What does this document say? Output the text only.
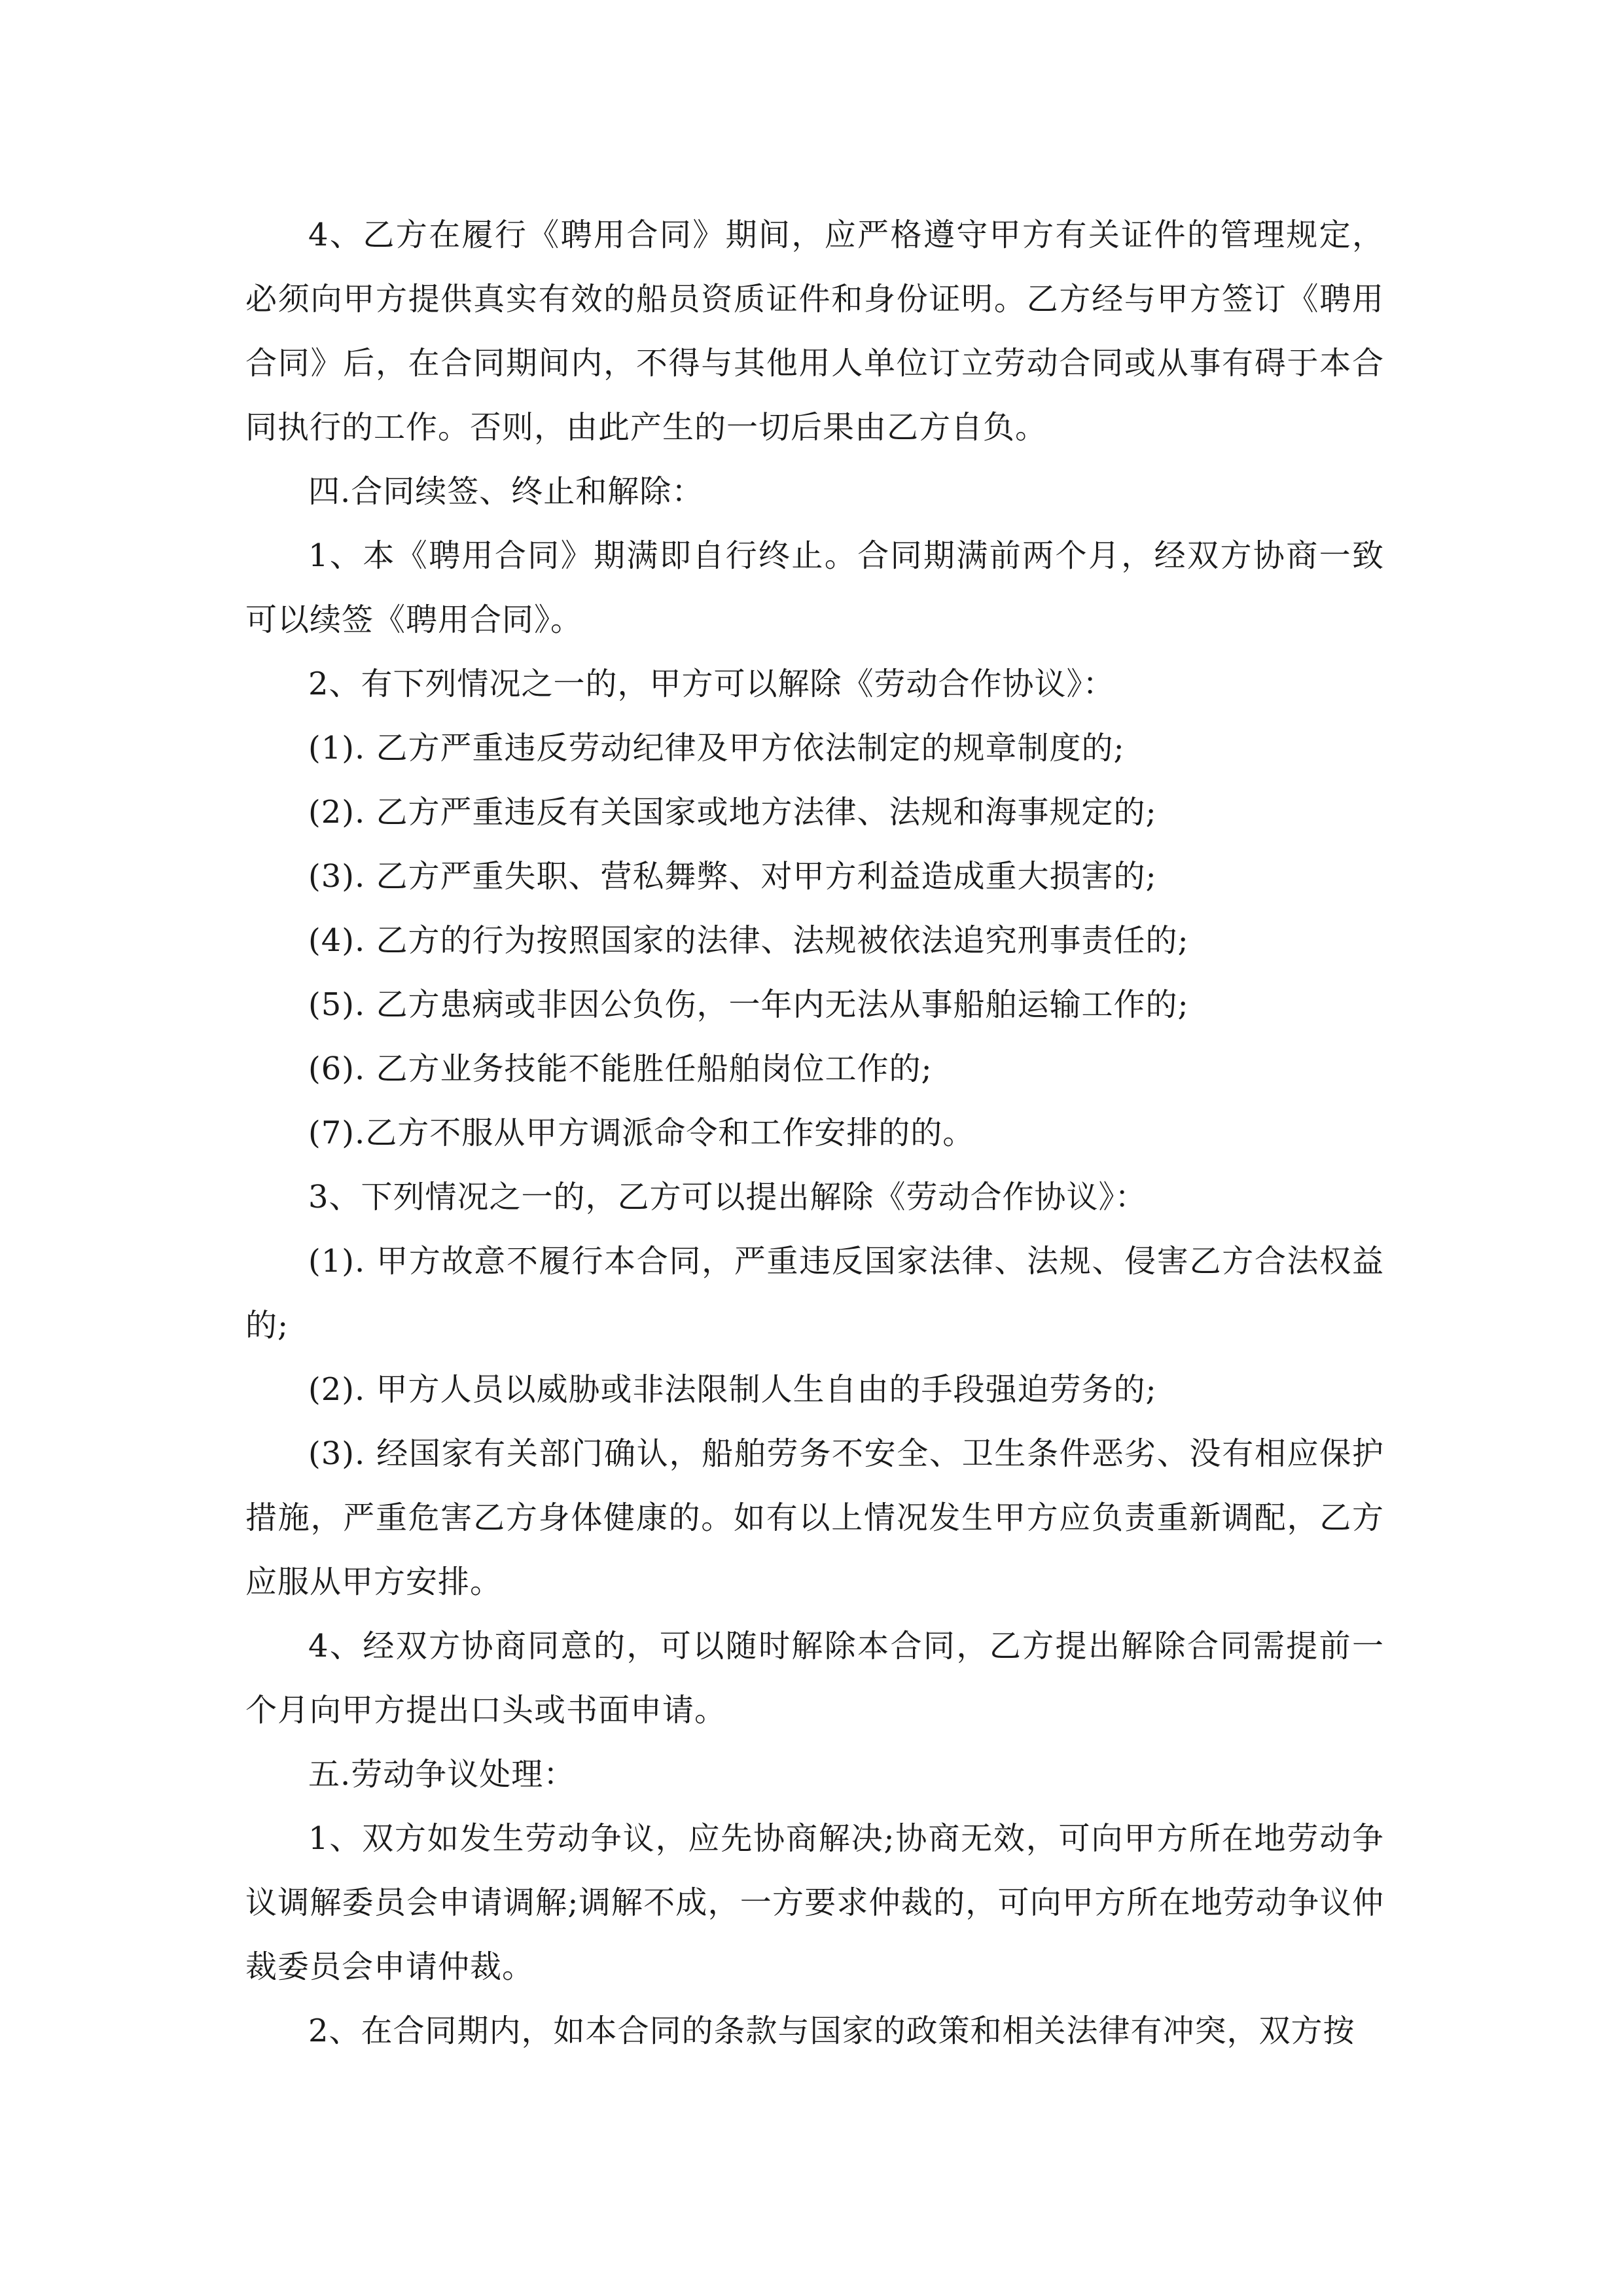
4、乙方在履行《聘用合同》期间，应严格遵守甲方有关证件的管理规定，必须向甲方提供真实有效的船员资质证件和身份证明。乙方经与甲方签订《聘用合同》后，在合同期间内，不得与其他用人单位订立劳动合同或从事有碍于本合同执行的工作。否则，由此产生的一切后果由乙方自负。

四.合同续签、终止和解除：

1、本《聘用合同》期满即自行终止。合同期满前两个月，经双方协商一致可以续签《聘用合同》。

2、有下列情况之一的，甲方可以解除《劳动合作协议》：

(1). 乙方严重违反劳动纪律及甲方依法制定的规章制度的;

(2). 乙方严重违反有关国家或地方法律、法规和海事规定的;

(3). 乙方严重失职、营私舞弊、对甲方利益造成重大损害的;

(4). 乙方的行为按照国家的法律、法规被依法追究刑事责任的;

(5). 乙方患病或非因公负伤，一年内无法从事船舶运输工作的;

(6). 乙方业务技能不能胜任船舶岗位工作的;

(7).乙方不服从甲方调派命令和工作安排的的。

3、下列情况之一的，乙方可以提出解除《劳动合作协议》：

(1). 甲方故意不履行本合同，严重违反国家法律、法规、侵害乙方合法权益的;

(2). 甲方人员以威胁或非法限制人生自由的手段强迫劳务的;

(3). 经国家有关部门确认，船舶劳务不安全、卫生条件恶劣、没有相应保护措施，严重危害乙方身体健康的。如有以上情况发生甲方应负责重新调配，乙方应服从甲方安排。

4、经双方协商同意的，可以随时解除本合同，乙方提出解除合同需提前一个月向甲方提出口头或书面申请。

五.劳动争议处理：

1、双方如发生劳动争议，应先协商解决;协商无效，可向甲方所在地劳动争议调解委员会申请调解;调解不成，一方要求仲裁的，可向甲方所在地劳动争议仲裁委员会申请仲裁。

2、在合同期内，如本合同的条款与国家的政策和相关法律有冲突，双方按
